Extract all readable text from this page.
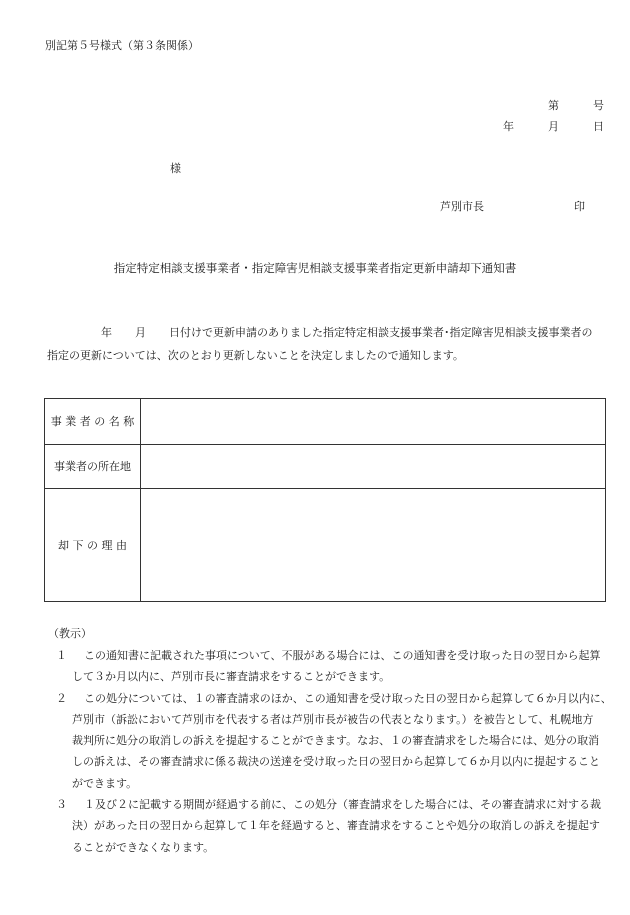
別記第５号様式（第３条関係）
第	号
年	月	日
様
芦別市長	印
指定特定相談支援事業者・指定障害児相談支援事業者指定更新申請却下通知書
年 月 日付けで更新申請のありました指定特定相談支援事業者･指定障害児相談支援事業者の
指定の更新については、次のとおり更新しないことを決定しましたので通知します。
事 業 者 の 名 称	
事業者の所在地	
却 下 の 理 由	
（教示）
１	この通知書に記載された事項について、不服がある場合には、この通知書を受け取った日の翌日から起算
して３か月以内に、芦別市長に審査請求をすることができます。
２	この処分については、１の審査請求のほか、この通知書を受け取った日の翌日から起算して６か月以内に、
芦別市（訴訟において芦別市を代表する者は芦別市長が被告の代表となります。）を被告として、札幌地方
裁判所に処分の取消しの訴えを提起することができます。なお、１の審査請求をした場合には、処分の取消
しの訴えは、その審査請求に係る裁決の送達を受け取った日の翌日から起算して６か月以内に提起すること
ができます。
３	１及び２に記載する期間が経過する前に、この処分（審査請求をした場合には、その審査請求に対する裁
決）があった日の翌日から起算して１年を経過すると、審査請求をすることや処分の取消しの訴えを提起す
ることができなくなります。
